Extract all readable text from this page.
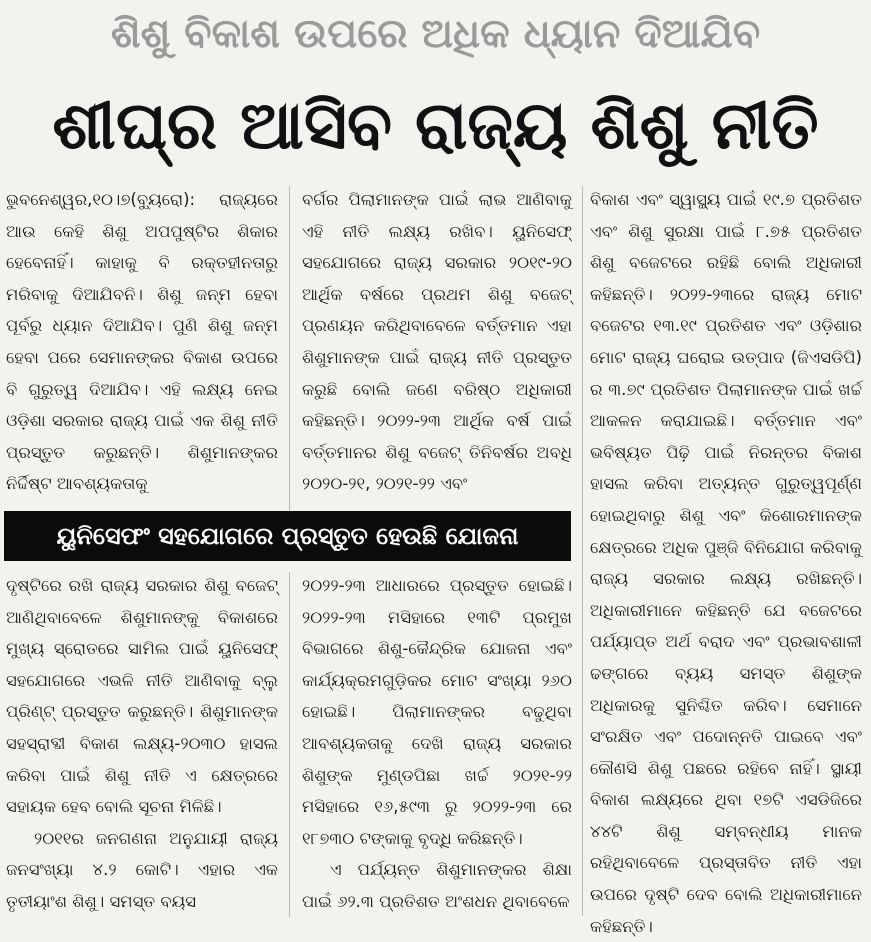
ଶିଶୁ ବିକାଶ ଉପରେ ଅଧିକ ଧ୍ୟାନ ଦିଆଯିବ
ଶୀଘ୍ର ଆସିବ ରାଜ୍ୟ ଶିଶୁ ନୀତି

ଭୁବନେଶ୍ୱର,୧୦।୭(ବ୍ୟୁରୋ): ରାଜ୍ୟରେ ଆଉ କେହି ଶିଶୁ ଅପପୁଷ୍ଟିର ଶିକାର ହେବେନାହିଁ। କାହାକୁ ବି ରକ୍ତହୀନତାରୁ ମରିବାକୁ ଦିଆଯିବନି। ଶିଶୁ ଜନ୍ମ ହେବା ପୂର୍ବରୁ ଧ୍ୟାନ ଦିଆଯିବ। ପୁଣି ଶିଶୁ ଜନ୍ମ ହେବା ପରେ ସେମାନଙ୍କର ବିକାଶ ଉପରେ ବି ଗୁରୁତ୍ୱ ଦିଆଯିବ। ଏହି ଲକ୍ଷ୍ୟ ନେଇ ଓଡ଼ିଶା ସରକାର ରାଜ୍ୟ ପାଇଁ ଏକ ଶିଶୁ ନୀତି ପ୍ରସ୍ତୁତ କରୁଛନ୍ତି। ଶିଶୁମାନଙ୍କର ନିର୍ଦ୍ଦିଷ୍ଟ ଆବଶ୍ୟକତାକୁ

ବର୍ଗର ପିଲାମାନଙ୍କ ପାଇଁ ଲାଭ ଆଣିବାକୁ ଏହି ନୀତି ଲକ୍ଷ୍ୟ ରଖିବ। ୟୁନିସେଫ୍ ସହଯୋଗରେ ରାଜ୍ୟ ସରକାର ୨୦୧୯-୨୦ ଆର୍ଥିକ ବର୍ଷରେ ପ୍ରଥମ ଶିଶୁ ବଜେଟ୍ ପ୍ରଣୟନ କରିଥିବାବେଳେ ବର୍ତ୍ତମାନ ଏହା ଶିଶୁମାନଙ୍କ ପାଇଁ ରାଜ୍ୟ ନୀତି ପ୍ରସ୍ତୁତ କରୁଛି ବୋଲି ଜଣେ ବରିଷ୍ଠ ଅଧିକାରୀ କହିଛନ୍ତି। ୨୦୨୨-୨୩ ଆର୍ଥିକ ବର୍ଷ ପାଇଁ ବର୍ତ୍ତମାନର ଶିଶୁ ବଜେଟ୍ ତିନିବର୍ଷର ଅବଧି ୨୦୨୦-୨୧, ୨୦୨୧-୨୨ ଏବଂ

ବିକାଶ ଏବଂ ସ୍ୱାସ୍ଥ୍ୟ ପାଇଁ ୧୯.୭ ପ୍ରତିଶତ ଏବଂ ଶିଶୁ ସୁରକ୍ଷା ପାଇଁ ୮.୭୫ ପ୍ରତିଶତ ଶିଶୁ ବଜେଟରେ ରହିଛି ବୋଲି ଅଧିକାରୀ କହିଛନ୍ତି। ୨୦୨୨-୨୩ରେ ରାଜ୍ୟ ମୋଟ ବଜେଟର ୧୩.୧୯ ପ୍ରତିଶତ ଏବଂ ଓଡ଼ିଶାର ମୋଟ ରାଜ୍ୟ ଘରୋଇ ଉତ୍ପାଦ (ଜିଏସଡିପି) ର ୩.୭୯ ପ୍ରତିଶତ ପିଲାମାନଙ୍କ ପାଇଁ ଖର୍ଚ୍ଚ ଆକଳନ କରାଯାଇଛି। ବର୍ତ୍ତମାନ ଏବଂ ଭବିଷ୍ୟତ ପିଢ଼ି ପାଇଁ ନିରନ୍ତର ବିକାଶ ହାସଲ କରିବା ଅତ୍ୟନ୍ତ ଗୁରୁତ୍ୱପୂର୍ଣ୍ଣ ହୋଇଥିବାରୁ ଶିଶୁ ଏବଂ କିଶୋରମାନଙ୍କ କ୍ଷେତ୍ରରେ ଅଧିକ ପୁଞ୍ଜି ବିନିଯୋଗ କରିବାକୁ ରାଜ୍ୟ ସରକାର ଲକ୍ଷ୍ୟ ରଖିଛନ୍ତି। ଅଧିକାରୀମାନେ କହିଛନ୍ତି ଯେ ବଜେଟରେ ପର୍ଯ୍ୟାପ୍ତ ଅର୍ଥ ବରାଦ ଏବଂ ପ୍ରଭାବଶାଳୀ ଢଙ୍ଗରେ ବ୍ୟୟ ସମସ୍ତ ଶିଶୁଙ୍କ ଅଧିକାରକୁ ସୁନିଶ୍ଚିତ କରିବ। ସେମାନେ ସଂରକ୍ଷିତ ଏବଂ ପଦୋନ୍ନତି ପାଇବେ ଏବଂ କୌଣସି ଶିଶୁ ପଛରେ ରହିବେ ନାହିଁ। ସ୍ଥାୟୀ ବିକାଶ ଲକ୍ଷ୍ୟରେ ଥିବା ୧୭ଟି ଏସଡିଜିରେ ୪୪ଟି ଶିଶୁ ସମ୍ବନ୍ଧୀୟ ମାନକ ରହିଥିବାବେଳେ ପ୍ରସ୍ତାବିତ ନୀତି ଏହା ଉପରେ ଦୃଷ୍ଟି ଦେବ ବୋଲି ଅଧିକାରୀମାନେ କହିଛନ୍ତି।

ୟୁନିସେଫଂ ସହଯୋଗରେ ପ୍ରସ୍ତୁତ ହେଉଛି ଯୋଜନା

ଦୃଷ୍ଟିରେ ରଖି ରାଜ୍ୟ ସରକାର ଶିଶୁ ବଜେଟ୍ ଆଣିଥିବାବେଳେ ଶିଶୁମାନଙ୍କୁ ବିକାଶରେ ମୁଖ୍ୟ ସ୍ରୋତରେ ସାମିଲ ପାଇଁ ୟୁନିସେଫ୍ ସହଯୋଗରେ ଏଭଳି ନୀତି ଆଣିବାକୁ ବ୍ଲୁ ପ୍ରିଣ୍ଟ୍ ପ୍ରସ୍ତୁତ କରୁଛନ୍ତି। ଶିଶୁମାନଙ୍କ ସହସ୍ରାବ୍ଦୀ ବିକାଶ ଲକ୍ଷ୍ୟ-୨୦୩୦ ହାସଲ କରିବା ପାଇଁ ଶିଶୁ ନୀତି ଏ କ୍ଷେତ୍ରରେ ସହାୟକ ହେବ ବୋଲି ସୂଚନା ମିଳିଛି।

୨୦୧୧ର ଜନଗଣନା ଅନୁଯାୟୀ ରାଜ୍ୟ ଜନସଂଖ୍ୟା ୪.୨ କୋଟି। ଏହାର ଏକ ତୃତୀୟାଂଶ ଶିଶୁ। ସମସ୍ତ ବୟସ

୨୦୨୨-୨୩ ଆଧାରରେ ପ୍ରସ୍ତୁତ ହୋଇଛି। ୨୦୨୨-୨୩ ମସିହାରେ ୧୩ଟି ପ୍ରମୁଖ ବିଭାଗରେ ଶିଶୁ-କୈନ୍ଦ୍ରିକ ଯୋଜନା ଏବଂ କାର୍ଯ୍ୟକ୍ରମଗୁଡ଼ିକର ମୋଟ ସଂଖ୍ୟା ୨୬୦ ହୋଇଛି। ପିଲାମାନଙ୍କର ବଢୁଥିବା ଆବଶ୍ୟକତାକୁ ଦେଖି ରାଜ୍ୟ ସରକାର ଶିଶୁଙ୍କ ମୁଣ୍ଡପିଛା ଖର୍ଚ୍ଚ ୨୦୨୧-୨୨ ମସିହାରେ ୧୬,୫୯୩ ରୁ ୨୦୨୨-୨୩ ରେ ୧୮୭୩୦ ଟଙ୍କାକୁ ବୃଦ୍ଧି କରିଛନ୍ତି।

ଏ ପର୍ଯ୍ୟନ୍ତ ଶିଶୁମାନଙ୍କର ଶିକ୍ଷା ପାଇଁ ୬୨.୩ ପ୍ରତିଶତ ଅଂଶଧନ ଥିବାବେଳେ
